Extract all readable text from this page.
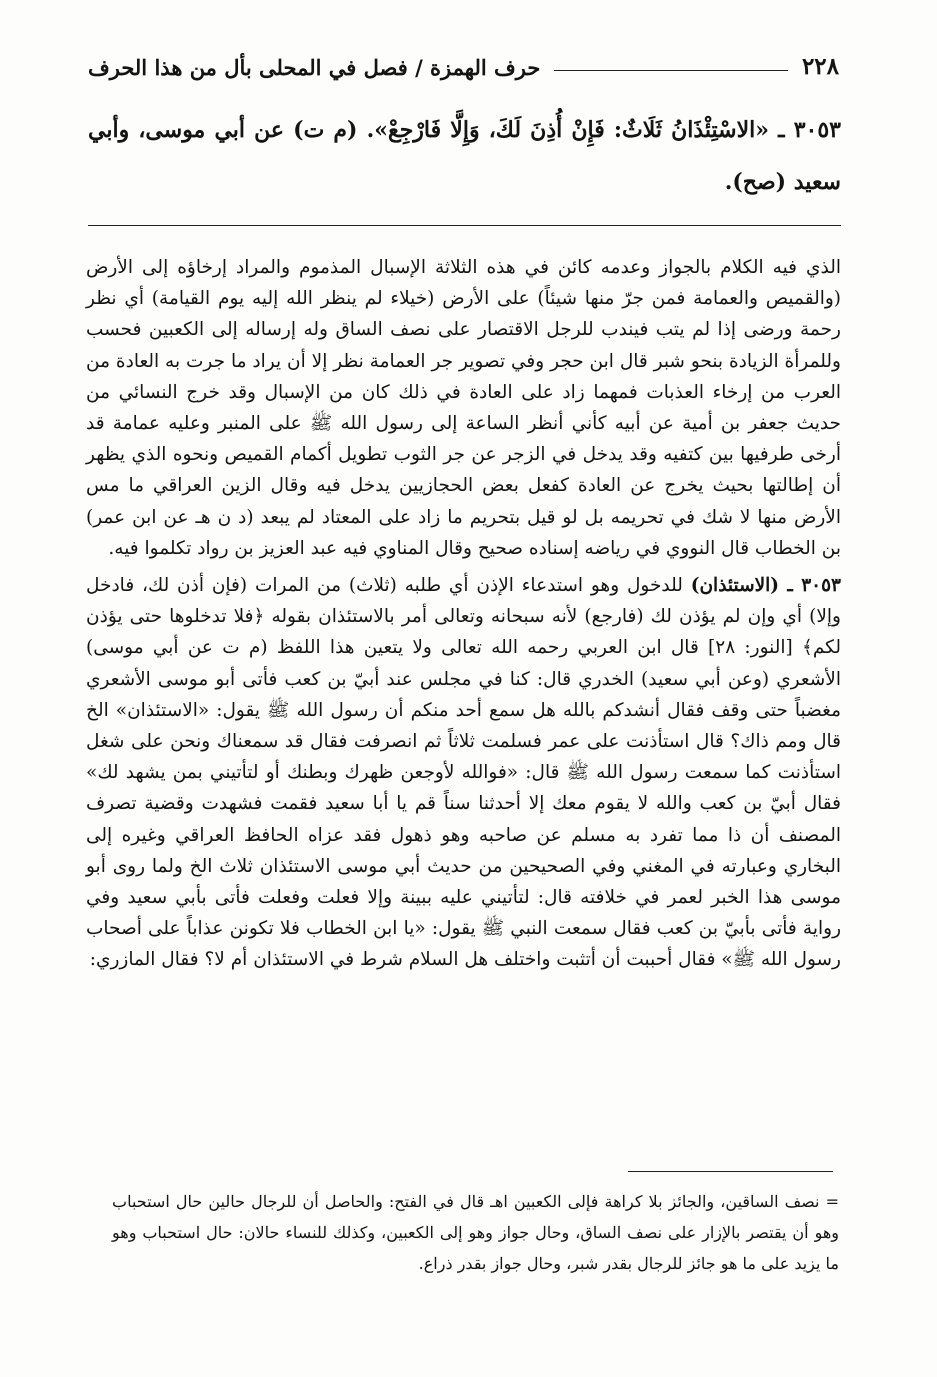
٢٢٨
حرف الهمزة / فصل في المحلى بأل من هذا الحرف
٣٠٥٣ ـ «الاسْتِئْذَانُ ثَلَاثٌ: فَإِنْ أُذِنَ لَكَ، وَإِلَّا فَارْجِعْ». (م ت) عن أبي موسى، وأبي سعيد (صح).

الذي فيه الكلام بالجواز وعدمه كائن في هذه الثلاثة الإسبال المذموم والمراد إرخاؤه إلى الأرض (والقميص والعمامة فمن جرّ منها شيئاً) على الأرض (خيلاء لم ينظر الله إليه يوم القيامة) أي نظر رحمة ورضى إذا لم يتب فيندب للرجل الاقتصار على نصف الساق وله إرساله إلى الكعبين فحسب وللمرأة الزيادة بنحو شبر قال ابن حجر وفي تصوير جر العمامة نظر إلا أن يراد ما جرت به العادة من العرب من إرخاء العذبات فمهما زاد على العادة في ذلك كان من الإسبال وقد خرج النسائي من حديث جعفر بن أمية عن أبيه كأني أنظر الساعة إلى رسول الله ﷺ على المنبر وعليه عمامة قد أرخى طرفيها بين كتفيه وقد يدخل في الزجر عن جر الثوب تطويل أكمام القميص ونحوه الذي يظهر أن إطالتها بحيث يخرج عن العادة كفعل بعض الحجازيين يدخل فيه وقال الزين العراقي ما مس الأرض منها لا شك في تحريمه بل لو قيل بتحريم ما زاد على المعتاد لم يبعد (د ن هـ عن ابن عمر) بن الخطاب قال النووي في رياضه إسناده صحيح وقال المناوي فيه عبد العزيز بن رواد تكلموا فيه.

٣٠٥٣ ـ (الاستئذان) للدخول وهو استدعاء الإذن أي طلبه (ثلاث) من المرات (فإن أذن لك، فادخل وإلا) أي وإن لم يؤذن لك (فارجع) لأنه سبحانه وتعالى أمر بالاستئذان بقوله ﴿فلا تدخلوها حتى يؤذن لكم﴾ [النور: ٢٨] قال ابن العربي رحمه الله تعالى ولا يتعين هذا اللفظ (م ت عن أبي موسى) الأشعري (وعن أبي سعيد) الخدري قال: كنا في مجلس عند أبيّ بن كعب فأتى أبو موسى الأشعري مغضباً حتى وقف فقال أنشدكم بالله هل سمع أحد منكم أن رسول الله ﷺ يقول: «الاستئذان» الخ قال ومم ذاك؟ قال استأذنت على عمر فسلمت ثلاثاً ثم انصرفت فقال قد سمعناك ونحن على شغل استأذنت كما سمعت رسول الله ﷺ قال: «فوالله لأوجعن ظهرك وبطنك أو لتأتيني بمن يشهد لك» فقال أبيّ بن كعب والله لا يقوم معك إلا أحدثنا سناً قم يا أبا سعيد فقمت فشهدت وقضية تصرف المصنف أن ذا مما تفرد به مسلم عن صاحبه وهو ذهول فقد عزاه الحافظ العراقي وغيره إلى البخاري وعبارته في المغني وفي الصحيحين من حديث أبي موسى الاستئذان ثلاث الخ ولما روى أبو موسى هذا الخبر لعمر في خلافته قال: لتأتيني عليه ببينة وإلا فعلت وفعلت فأتى بأبي سعيد وفي رواية فأتى بأبيّ بن كعب فقال سمعت النبي ﷺ يقول: «يا ابن الخطاب فلا تكونن عذاباً على أصحاب رسول الله ﷺ» فقال أحببت أن أتثبت واختلف هل السلام شرط في الاستئذان أم لا؟ فقال المازري:

= نصف الساقين، والجائز بلا كراهة فإلى الكعبين اهـ قال في الفتح: والحاصل أن للرجال حالين حال استحباب وهو أن يقتصر بالإزار على نصف الساق، وحال جواز وهو إلى الكعبين، وكذلك للنساء حالان: حال استحباب وهو ما يزيد على ما هو جائز للرجال بقدر شبر، وحال جواز بقدر ذراع.
